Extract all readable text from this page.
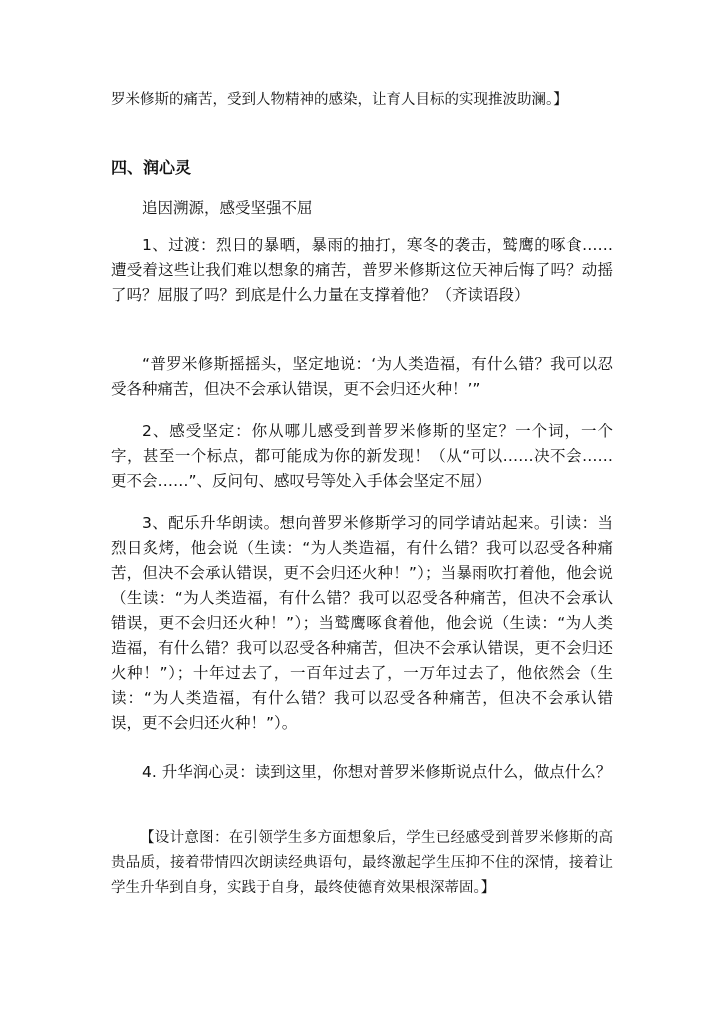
罗米修斯的痛苦，受到人物精神的感染，让育人目标的实现推波助澜。】

四、润心灵

追因溯源，感受坚强不屈

1、过渡：烈日的暴晒，暴雨的抽打，寒冬的袭击，鹫鹰的啄食……遭受着这些让我们难以想象的痛苦，普罗米修斯这位天神后悔了吗？动摇了吗？屈服了吗？到底是什么力量在支撑着他？（齐读语段）

“普罗米修斯摇摇头，坚定地说：‘为人类造福，有什么错？我可以忍受各种痛苦，但决不会承认错误，更不会归还火种！’”

2、感受坚定：你从哪儿感受到普罗米修斯的坚定？一个词，一个字，甚至一个标点，都可能成为你的新发现！（从“可以……决不会……更不会……”、反问句、感叹号等处入手体会坚定不屈）

3、配乐升华朗读。想向普罗米修斯学习的同学请站起来。引读：当烈日炙烤，他会说（生读：“为人类造福，有什么错？我可以忍受各种痛苦，但决不会承认错误，更不会归还火种！”）；当暴雨吹打着他，他会说（生读：“为人类造福，有什么错？我可以忍受各种痛苦，但决不会承认错误，更不会归还火种！”）；当鹫鹰啄食着他，他会说（生读：“为人类造福，有什么错？我可以忍受各种痛苦，但决不会承认错误，更不会归还火种！”）；十年过去了，一百年过去了，一万年过去了，他依然会（生读：“为人类造福，有什么错？我可以忍受各种痛苦，但决不会承认错误，更不会归还火种！”）。

4. 升华润心灵：读到这里，你想对普罗米修斯说点什么，做点什么？

【设计意图：在引领学生多方面想象后，学生已经感受到普罗米修斯的高贵品质，接着带情四次朗读经典语句，最终激起学生压抑不住的深情，接着让学生升华到自身，实践于自身，最终使德育效果根深蒂固。】
